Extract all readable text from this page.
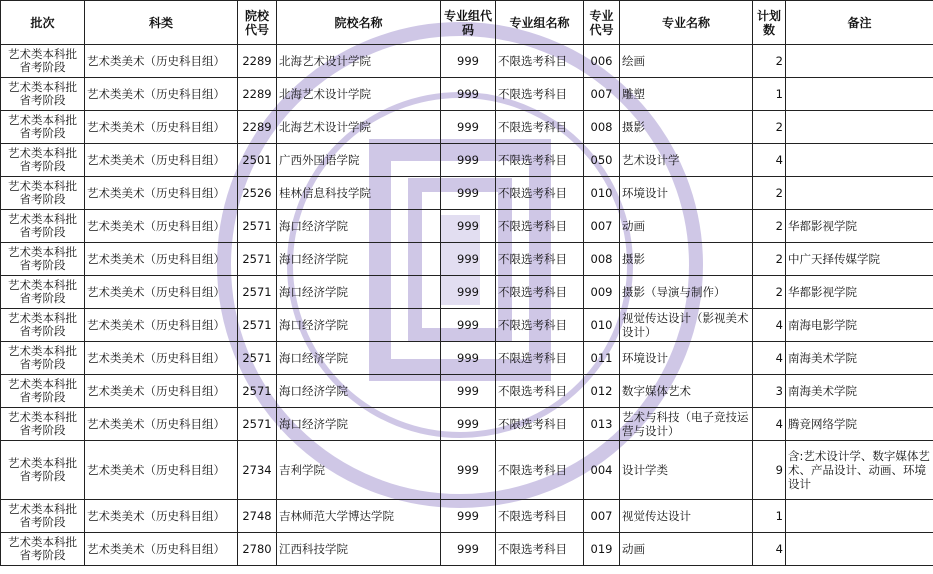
批次	科类	院校代号	院校名称	专业组代码	专业组名称	专业代号	专业名称	计划数	备注
艺术类本科批省考阶段	艺术类美术（历史科目组）	2289	北海艺术设计学院	999	不限选考科目	006	绘画	2	
艺术类本科批省考阶段	艺术类美术（历史科目组）	2289	北海艺术设计学院	999	不限选考科目	007	雕塑	1	
艺术类本科批省考阶段	艺术类美术（历史科目组）	2289	北海艺术设计学院	999	不限选考科目	008	摄影	2	
艺术类本科批省考阶段	艺术类美术（历史科目组）	2501	广西外国语学院	999	不限选考科目	050	艺术设计学	4	
艺术类本科批省考阶段	艺术类美术（历史科目组）	2526	桂林信息科技学院	999	不限选考科目	010	环境设计	2	
艺术类本科批省考阶段	艺术类美术（历史科目组）	2571	海口经济学院	999	不限选考科目	007	动画	2	华都影视学院
艺术类本科批省考阶段	艺术类美术（历史科目组）	2571	海口经济学院	999	不限选考科目	008	摄影	2	中广天择传媒学院
艺术类本科批省考阶段	艺术类美术（历史科目组）	2571	海口经济学院	999	不限选考科目	009	摄影（导演与制作）	2	华都影视学院
艺术类本科批省考阶段	艺术类美术（历史科目组）	2571	海口经济学院	999	不限选考科目	010	视觉传达设计（影视美术设计）	4	南海电影学院
艺术类本科批省考阶段	艺术类美术（历史科目组）	2571	海口经济学院	999	不限选考科目	011	环境设计	4	南海美术学院
艺术类本科批省考阶段	艺术类美术（历史科目组）	2571	海口经济学院	999	不限选考科目	012	数字媒体艺术	3	南海美术学院
艺术类本科批省考阶段	艺术类美术（历史科目组）	2571	海口经济学院	999	不限选考科目	013	艺术与科技（电子竞技运营与设计）	4	腾竞网络学院
艺术类本科批省考阶段	艺术类美术（历史科目组）	2734	吉利学院	999	不限选考科目	004	设计学类	9	含:艺术设计学、数字媒体艺术、产品设计、动画、环境设计
艺术类本科批省考阶段	艺术类美术（历史科目组）	2748	吉林师范大学博达学院	999	不限选考科目	007	视觉传达设计	1	
艺术类本科批省考阶段	艺术类美术（历史科目组）	2780	江西科技学院	999	不限选考科目	019	动画	4	
